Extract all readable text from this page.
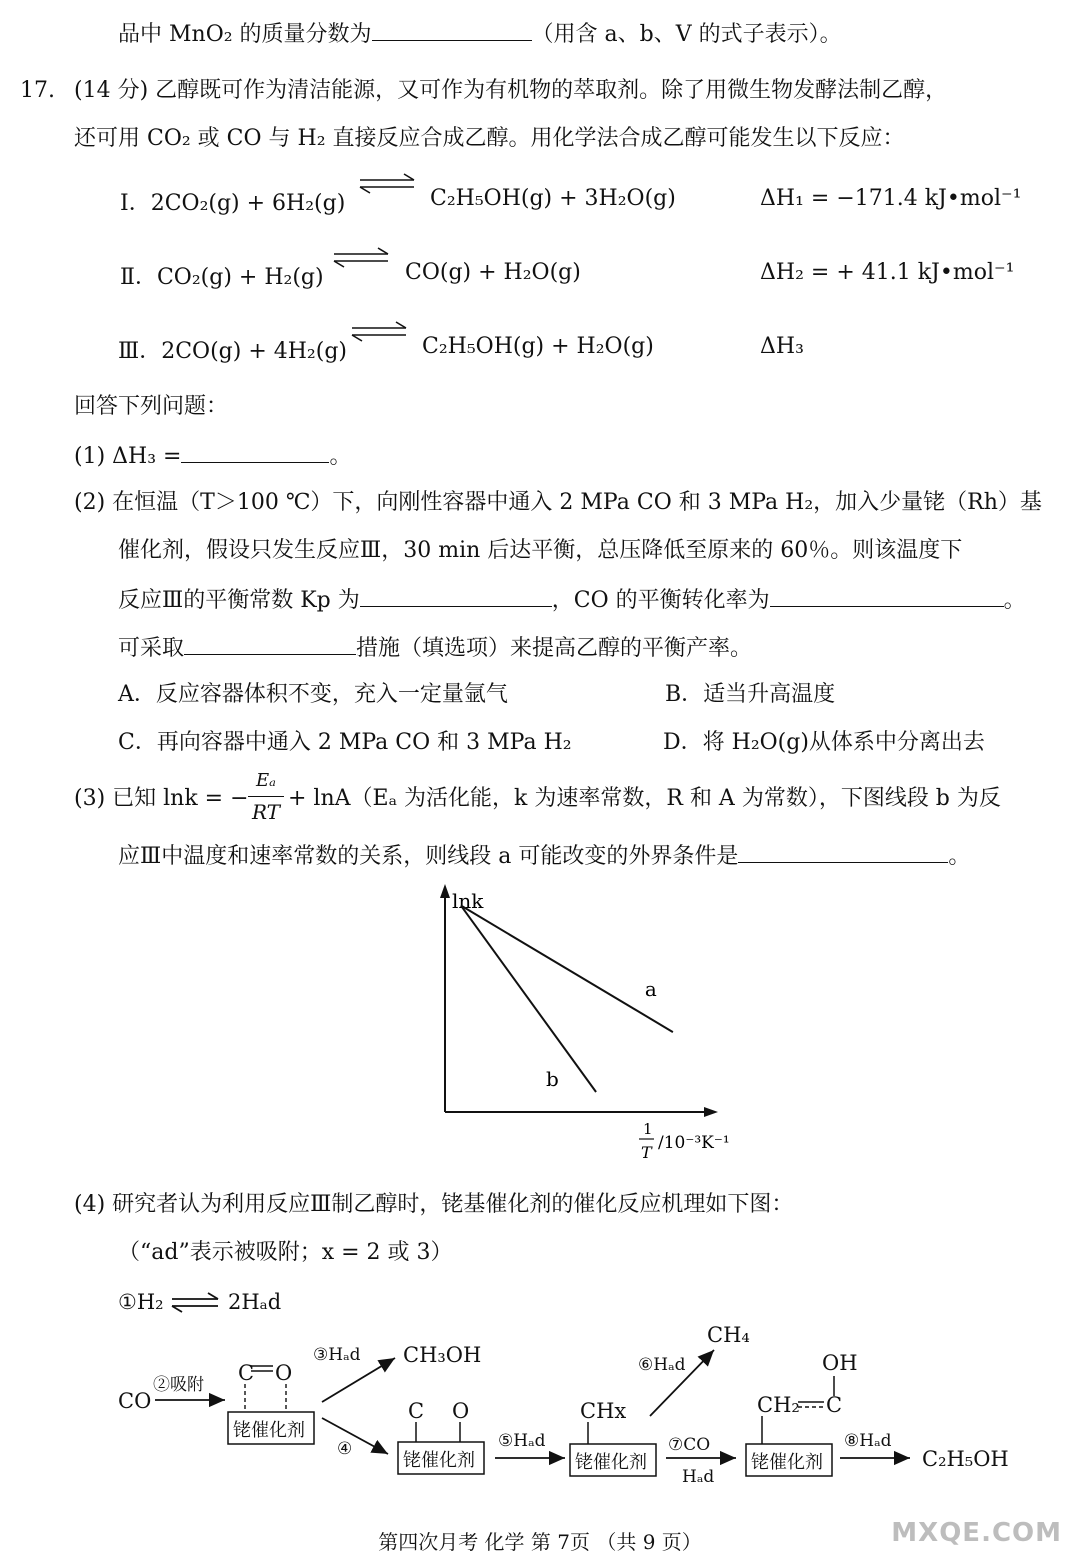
品中 MnO₂ 的质量分数为	（用含 a、b、V 的式子表示）。
17. (14 分) 乙醇既可作为清洁能源，又可作为有机物的萃取剂。除了用微生物发酵法制乙醇，
还可用 CO₂ 或 CO 与 H₂ 直接反应合成乙醇。用化学法合成乙醇可能发生以下反应：
Ⅰ．2CO₂(g) + 6H₂(g)	C₂H₅OH(g) + 3H₂O(g)	ΔH₁ = −171.4 kJ•mol⁻¹
Ⅱ．CO₂(g) + H₂(g)	CO(g) + H₂O(g)	ΔH₂ = + 41.1 kJ•mol⁻¹
Ⅲ．2CO(g) + 4H₂(g)	C₂H₅OH(g) + H₂O(g)	ΔH₃
回答下列问题：
(1) ΔH₃ =	。
(2) 在恒温（T＞100 ℃）下，向刚性容器中通入 2 MPa CO 和 3 MPa H₂，加入少量铑（Rh）基
催化剂，假设只发生反应Ⅲ，30 min 后达平衡，总压降低至原来的 60％。则该温度下
反应Ⅲ的平衡常数 Kp 为	，CO 的平衡转化率为	。
可采取	措施（填选项）来提高乙醇的平衡产率。
A．反应容器体积不变，充入一定量氩气	B．适当升高温度
C．再向容器中通入 2 MPa CO 和 3 MPa H₂	D．将 H₂O(g)从体系中分离出去
(3) 已知 lnk = −
Eₐ
RT
+ lnA（Eₐ 为活化能，k 为速率常数，R 和 A 为常数），下图线段 b 为反
应Ⅲ中温度和速率常数的关系，则线段 a 可能改变的外界条件是	。
lnk
1
T /10⁻³K⁻¹
a
b
(4) 研究者认为利用反应Ⅲ制乙醇时，铑基催化剂的催化反应机理如下图：
（“ad”表示被吸附；x = 2 或 3）
①H₂ ⇌ 2Hₐd
CO
②吸附 C O
铑催化剂
③Hₐd CH₃OH
④
C O
铑催化剂
⑤Hₐd
CHx
铑催化剂
⑥Hₐd
CH₄
⑦CO
Hₐd
OH
CH₂ C
铑催化剂
⑧Hₐd
C₂H₅OH
第四次月考 化学 第 7页 （共 9 页）	MXQE.COM
